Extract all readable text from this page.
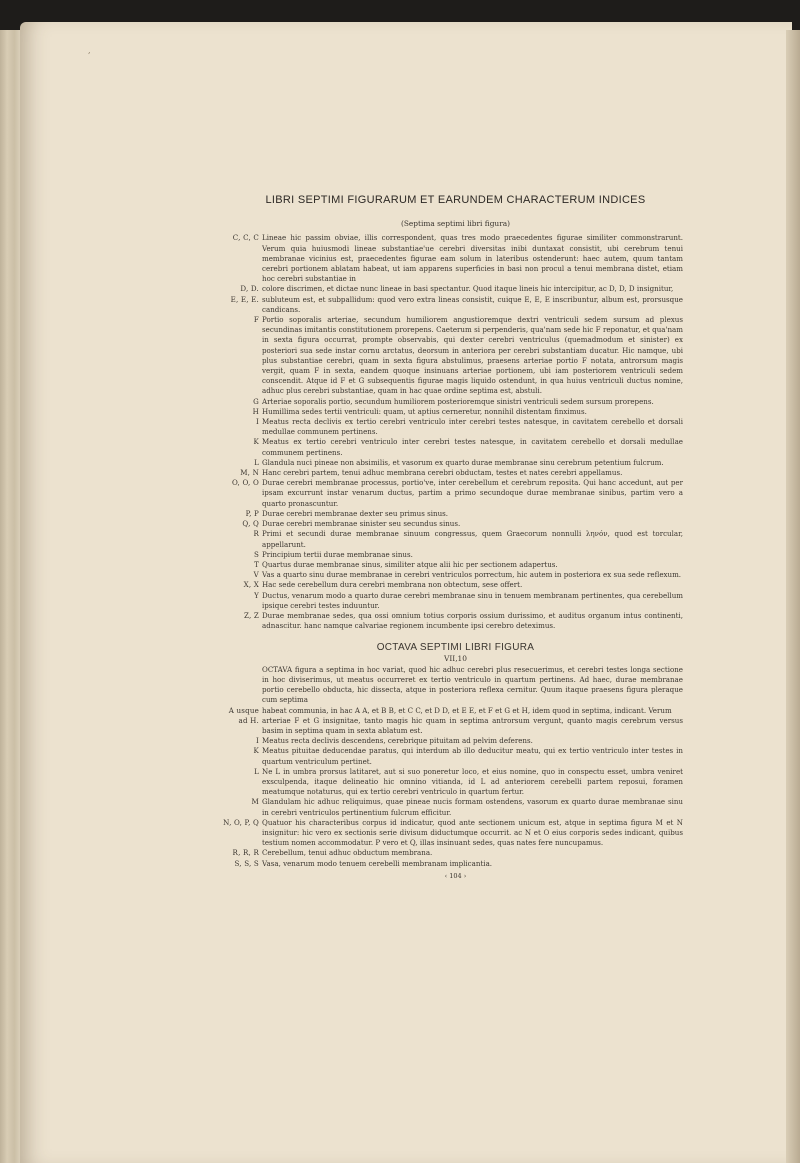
,
LIBRI SEPTIMI FIGURARUM ET EARUNDEM CHARACTERUM INDICES
(Septima septimi libri figura)

C, C, C Lineae hic passim obviae, illis correspondent, quas tres modo praecedentes figurae similiter commonstrarunt. Verum quia huiusmodi lineae substantiae'ue cerebri diversitas inibi duntaxat consistit, ubi cerebrum tenui membranae vicinius est, praecedentes figurae eam solum in lateribus ostenderunt: haec autem, quum tantam cerebri portionem ablatam habeat, ut iam apparens superficies in basi non procul a tenui membrana distet, etiam hoc cerebri substantiae in

D, D. colore discrimen, et dictae nunc lineae in basi spectantur. Quod itaque lineis hic intercipitur, ac D, D, D insignitur,

E, E, E. subluteum est, et subpallidum: quod vero extra lineas consistit, cuique E, E, E inscribuntur, album est, prorsusque candicans.

F Portio soporalis arteriae, secundum humiliorem angustioremque dextri ventriculi sedem sursum ad plexus secundinas imitantis constitutionem prorepens. Caeterum si perpenderis, qua'nam sede hic F reponatur, et qua'nam in sexta figura occurrat, prompte observabis, qui dexter cerebri ventriculus (quemadmodum et sinister) ex posteriori sua sede instar cornu arctatus, deorsum in anteriora per cerebri substantiam ducatur. Hic namque, ubi plus substantiae cerebri, quam in sexta figura abstulimus, praesens arteriae portio F notata, antrorsum magis vergit, quam F in sexta, eandem quoque insinuans arteriae portionem, ubi iam posteriorem ventriculi sedem conscendit. Atque id F et G subsequentis figurae magis liquido ostendunt, in qua huius ventriculi ductus nomine, adhuc plus cerebri substantiae, quam in hac quae ordine septima est, abstuli.

G Arteriae soporalis portio, secundum humiliorem posterioremque sinistri ventriculi sedem sursum prorepens.

H Humillima sedes tertii ventriculi: quam, ut aptius cerneretur, nonnihil distentam finximus.

I Meatus recta declivis ex tertio cerebri ventriculo inter cerebri testes natesque, in cavitatem cerebello et dorsali medullae communem pertinens.

K Meatus ex tertio cerebri ventriculo inter cerebri testes natesque, in cavitatem cerebello et dorsali medullae communem pertinens.

L Glandula nuci pineae non absimilis, et vasorum ex quarto durae membranae sinu cerebrum petentium fulcrum.

M, N Hanc cerebri partem, tenui adhuc membrana cerebri obductam, testes et nates cerebri appellamus.

O, O, O Durae cerebri membranae processus, portio've, inter cerebellum et cerebrum reposita. Qui hanc accedunt, aut per ipsam excurrunt instar venarum ductus, partim a primo secundoque durae membranae sinibus, partim vero a quarto pronascuntur.

P, P Durae cerebri membranae dexter seu primus sinus.

Q, Q Durae cerebri membranae sinister seu secundus sinus.

R Primi et secundi durae membranae sinuum congressus, quem Graecorum nonnulli ληνόν, quod est torcular, appellarunt.

S Principium tertii durae membranae sinus.

T Quartus durae membranae sinus, similiter atque alii hic per sectionem adapertus.

V Vas a quarto sinu durae membranae in cerebri ventriculos porrectum, hic autem in posteriora ex sua sede reflexum.

X, X Hac sede cerebellum dura cerebri membrana non obtectum, sese offert.

Y Ductus, venarum modo a quarto durae cerebri membranae sinu in tenuem membranam pertinentes, qua cerebellum ipsique cerebri testes induuntur.

Z, Z Durae membranae sedes, qua ossi omnium totius corporis ossium durissimo, et auditus organum intus continenti, adnascitur. hanc namque calvariae regionem incumbente ipsi cerebro deteximus.

OCTAVA SEPTIMI LIBRI FIGURA
VII,10

OCTAVA figura a septima in hoc variat, quod hic adhuc cerebri plus resecuerimus, et cerebri testes longa sectione in hoc diviserimus, ut meatus occurreret ex tertio ventriculo in quartum pertinens. Ad haec, durae membranae portio cerebello obducta, hic dissecta, atque in posteriora reflexa cernitur. Quum itaque praesens figura pleraque cum septima

A usque habeat communia, in hac A A, et B B, et C C, et D D, et E E, et F et G et H, idem quod in septima, indicant. Verum

ad H. arteriae F et G insignitae, tanto magis hic quam in septima antrorsum vergunt, quanto magis cerebrum versus basim in septima quam in sexta ablatum est.

I Meatus recta declivis descendens, cerebrique pituitam ad pelvim deferens.

K Meatus pituitae deducendae paratus, qui interdum ab illo deducitur meatu, qui ex tertio ventriculo inter testes in quartum ventriculum pertinet.

L Ne L in umbra prorsus latitaret, aut si suo poneretur loco, et eius nomine, quo in conspectu esset, umbra veniret exsculpenda, itaque delineatio hic omnino vitianda, id L ad anteriorem cerebelli partem reposui, foramen meatumque notaturus, qui ex tertio cerebri ventriculo in quartum fertur.

M Glandulam hic adhuc reliquimus, quae pineae nucis formam ostendens, vasorum ex quarto durae membranae sinu in cerebri ventriculos pertinentium fulcrum efficitur.

N, O, P, Q Quatuor his characteribus corpus id indicatur, quod ante sectionem unicum est, atque in septima figura M et N insignitur: hic vero ex sectionis serie divisum diductumque occurrit. ac N et O eius corporis sedes indicant, quibus testium nomen accommodatur. P vero et Q, illas insinuant sedes, quas nates fere nuncupamus.

R, R, R Cerebellum, tenui adhuc obductum membrana.

S, S, S Vasa, venarum modo tenuem cerebelli membranam implicantia.

‹ 104 ›
